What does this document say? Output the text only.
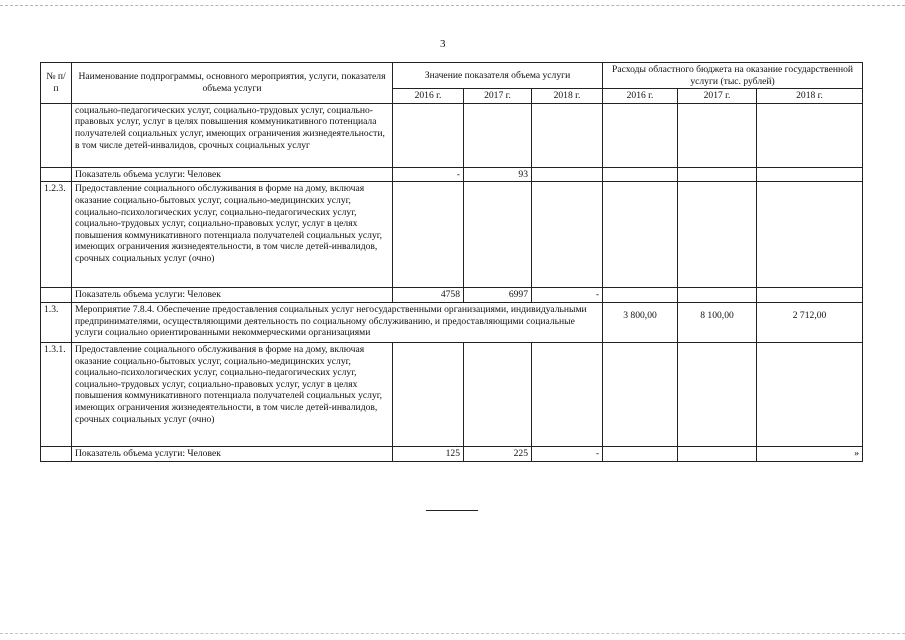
3
№ п/п	Наименование подпрограммы, основного мероприятия, услуги, показателя объема услуги	Значение показателя объема услуги			Расходы областного бюджета на оказание государственной услуги (тыс. рублей)		
		2016 г.	2017 г.	2018 г.	2016 г.	2017 г.	2018 г.
	социально-педагогических услуг, социально-трудовых услуг, социально-правовых услуг, услуг в целях повышения коммуникативного потенциала получателей социальных услуг, имеющих ограничения жизнедеятельности, в том числе детей-инвалидов, срочных социальных услуг						
	Показатель объема услуги: Человек	-	93				
1.2.3.	Предоставление социального обслуживания в форме на дому, включая оказание социально-бытовых услуг, социально-медицинских услуг, социально-психологических услуг, социально-педагогических услуг, социально-трудовых услуг, социально-правовых услуг, услуг в целях повышения коммуникативного потенциала получателей социальных услуг, имеющих ограничения жизнедеятельности, в том числе детей-инвалидов, срочных социальных услуг (очно)						
	Показатель объема услуги: Человек	4758	6997	-			
1.3.	Мероприятие 7.8.4. Обеспечение предоставления социальных услуг негосударственными организациями, индивидуальными предпринимателями, осуществляющими деятельность по социальному обслуживанию, и предоставляющими социальные услуги социально ориентированными некоммерческими организациями				3 800,00	8 100,00	2 712,00
1.3.1.	Предоставление социального обслуживания в форме на дому, включая оказание социально-бытовых услуг, социально-медицинских услуг, социально-психологических услуг, социально-педагогических услуг, социально-трудовых услуг, социально-правовых услуг, услуг в целях повышения коммуникативного потенциала получателей социальных услуг, имеющих ограничения жизнедеятельности, в том числе детей-инвалидов, срочных социальных услуг (очно)						
	Показатель объема услуги: Человек	125	225	-			»
